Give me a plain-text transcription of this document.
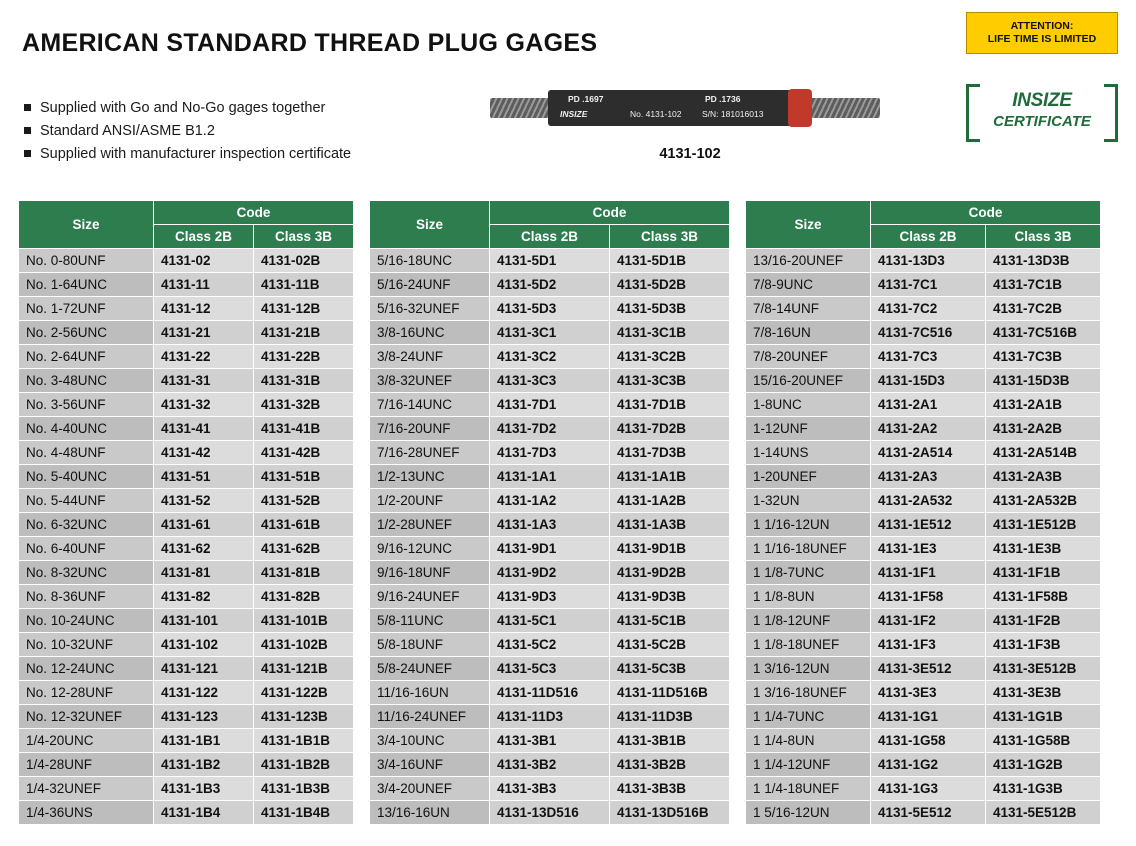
AMERICAN STANDARD THREAD PLUG GAGES
Supplied with Go and No-Go gages together
Standard ANSI/ASME B1.2
Supplied with manufacturer inspection certificate
ATTENTION:
LIFE TIME IS LIMITED
INSIZE
CERTIFICATE
PD .1697	PD .1736
INSIZE	No. 4131-102 S/N: 181016013
4131-102
Size	Code	
	Class 2B	Class 3B
No. 0-80UNF	4131-02	4131-02B
No. 1-64UNC	4131-11	4131-11B
No. 1-72UNF	4131-12	4131-12B
No. 2-56UNC	4131-21	4131-21B
No. 2-64UNF	4131-22	4131-22B
No. 3-48UNC	4131-31	4131-31B
No. 3-56UNF	4131-32	4131-32B
No. 4-40UNC	4131-41	4131-41B
No. 4-48UNF	4131-42	4131-42B
No. 5-40UNC	4131-51	4131-51B
No. 5-44UNF	4131-52	4131-52B
No. 6-32UNC	4131-61	4131-61B
No. 6-40UNF	4131-62	4131-62B
No. 8-32UNC	4131-81	4131-81B
No. 8-36UNF	4131-82	4131-82B
No. 10-24UNC	4131-101	4131-101B
No. 10-32UNF	4131-102	4131-102B
No. 12-24UNC	4131-121	4131-121B
No. 12-28UNF	4131-122	4131-122B
No. 12-32UNEF	4131-123	4131-123B
1/4-20UNC	4131-1B1	4131-1B1B
1/4-28UNF	4131-1B2	4131-1B2B
1/4-32UNEF	4131-1B3	4131-1B3B
1/4-36UNS	4131-1B4	4131-1B4B
Size	Code	
	Class 2B	Class 3B
5/16-18UNC	4131-5D1	4131-5D1B
5/16-24UNF	4131-5D2	4131-5D2B
5/16-32UNEF	4131-5D3	4131-5D3B
3/8-16UNC	4131-3C1	4131-3C1B
3/8-24UNF	4131-3C2	4131-3C2B
3/8-32UNEF	4131-3C3	4131-3C3B
7/16-14UNC	4131-7D1	4131-7D1B
7/16-20UNF	4131-7D2	4131-7D2B
7/16-28UNEF	4131-7D3	4131-7D3B
1/2-13UNC	4131-1A1	4131-1A1B
1/2-20UNF	4131-1A2	4131-1A2B
1/2-28UNEF	4131-1A3	4131-1A3B
9/16-12UNC	4131-9D1	4131-9D1B
9/16-18UNF	4131-9D2	4131-9D2B
9/16-24UNEF	4131-9D3	4131-9D3B
5/8-11UNC	4131-5C1	4131-5C1B
5/8-18UNF	4131-5C2	4131-5C2B
5/8-24UNEF	4131-5C3	4131-5C3B
11/16-16UN	4131-11D516	4131-11D516B
11/16-24UNEF	4131-11D3	4131-11D3B
3/4-10UNC	4131-3B1	4131-3B1B
3/4-16UNF	4131-3B2	4131-3B2B
3/4-20UNEF	4131-3B3	4131-3B3B
13/16-16UN	4131-13D516	4131-13D516B
Size	Code	
	Class 2B	Class 3B
13/16-20UNEF	4131-13D3	4131-13D3B
7/8-9UNC	4131-7C1	4131-7C1B
7/8-14UNF	4131-7C2	4131-7C2B
7/8-16UN	4131-7C516	4131-7C516B
7/8-20UNEF	4131-7C3	4131-7C3B
15/16-20UNEF	4131-15D3	4131-15D3B
1-8UNC	4131-2A1	4131-2A1B
1-12UNF	4131-2A2	4131-2A2B
1-14UNS	4131-2A514	4131-2A514B
1-20UNEF	4131-2A3	4131-2A3B
1-32UN	4131-2A532	4131-2A532B
1 1/16-12UN	4131-1E512	4131-1E512B
1 1/16-18UNEF	4131-1E3	4131-1E3B
1 1/8-7UNC	4131-1F1	4131-1F1B
1 1/8-8UN	4131-1F58	4131-1F58B
1 1/8-12UNF	4131-1F2	4131-1F2B
1 1/8-18UNEF	4131-1F3	4131-1F3B
1 3/16-12UN	4131-3E512	4131-3E512B
1 3/16-18UNEF	4131-3E3	4131-3E3B
1 1/4-7UNC	4131-1G1	4131-1G1B
1 1/4-8UN	4131-1G58	4131-1G58B
1 1/4-12UNF	4131-1G2	4131-1G2B
1 1/4-18UNEF	4131-1G3	4131-1G3B
1 5/16-12UN	4131-5E512	4131-5E512B
